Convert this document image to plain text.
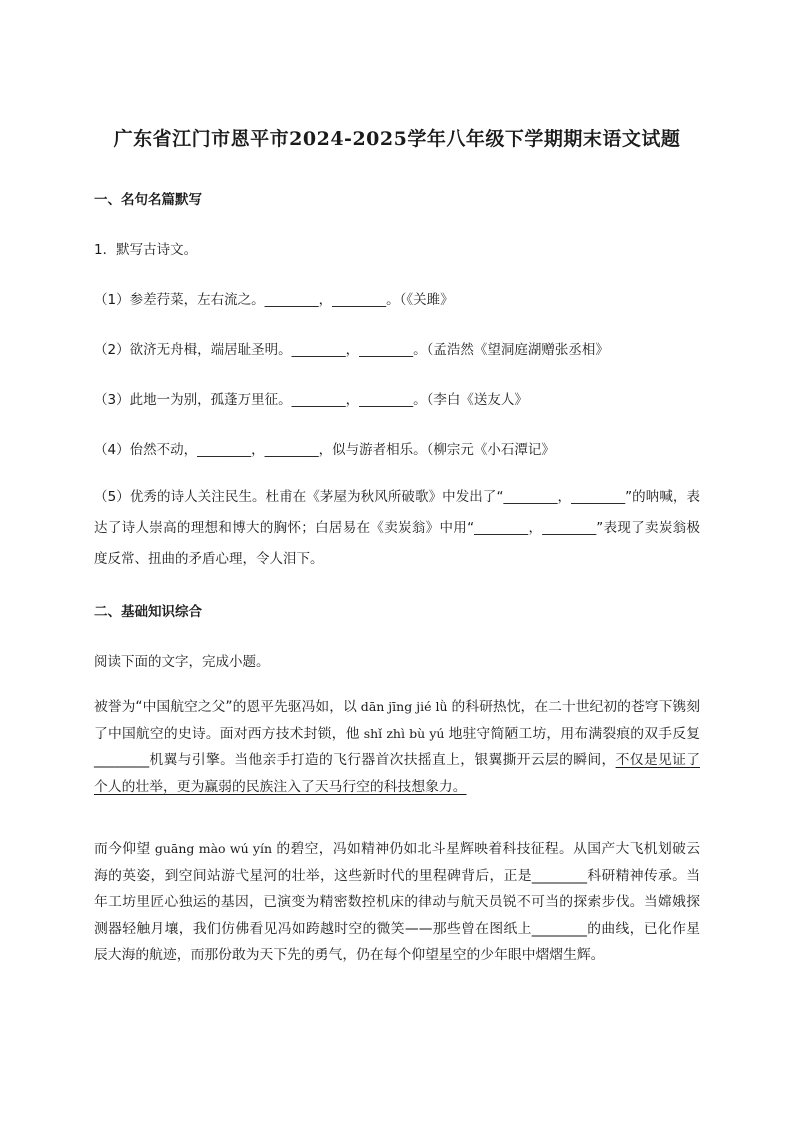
广东省江门市恩平市2024-2025学年八年级下学期期末语文试题
一、名句名篇默写
1．默写古诗文。
（1）参差荇菜，左右流之。________，________。（《关雎》
（2）欲济无舟楫，端居耻圣明。________，________。（孟浩然《望洞庭湖赠张丞相》
（3）此地一为别，孤蓬万里征。________，________。（李白《送友人》
（4）佁然不动，________，________，似与游者相乐。（柳宗元《小石潭记》
（5）优秀的诗人关注民生。杜甫在《茅屋为秋风所破歌》中发出了“________，________”的呐喊，表达了诗人崇高的理想和博大的胸怀；白居易在《卖炭翁》中用“________，________”表现了卖炭翁极度反常、扭曲的矛盾心理，令人泪下。
二、基础知识综合
阅读下面的文字，完成小题。
被誉为“中国航空之父”的恩平先驱冯如，以 dān jīng jié lǜ 的科研热忱，在二十世纪初的苍穹下镌刻了中国航空的史诗。面对西方技术封锁，他 shǐ zhì bù yú 地驻守简陋工坊，用布满裂痕的双手反复________机翼与引擎。当他亲手打造的飞行器首次扶摇直上，银翼撕开云层的瞬间，不仅是见证了个人的壮举，更为赢弱的民族注入了天马行空的科技想象力。
而今仰望 guāng mào wú yín 的碧空，冯如精神仍如北斗星辉映着科技征程。从国产大飞机划破云海的英姿，到空间站游弋星河的壮举，这些新时代的里程碑背后，正是________科研精神传承。当年工坊里匠心独运的基因，已演变为精密数控机床的律动与航天员锐不可当的探索步伐。当嫦娥探测器轻触月壤，我们仿佛看见冯如跨越时空的微笑——那些曾在图纸上________的曲线，已化作星辰大海的航迹，而那份敢为天下先的勇气，仍在每个仰望星空的少年眼中熠熠生辉。
